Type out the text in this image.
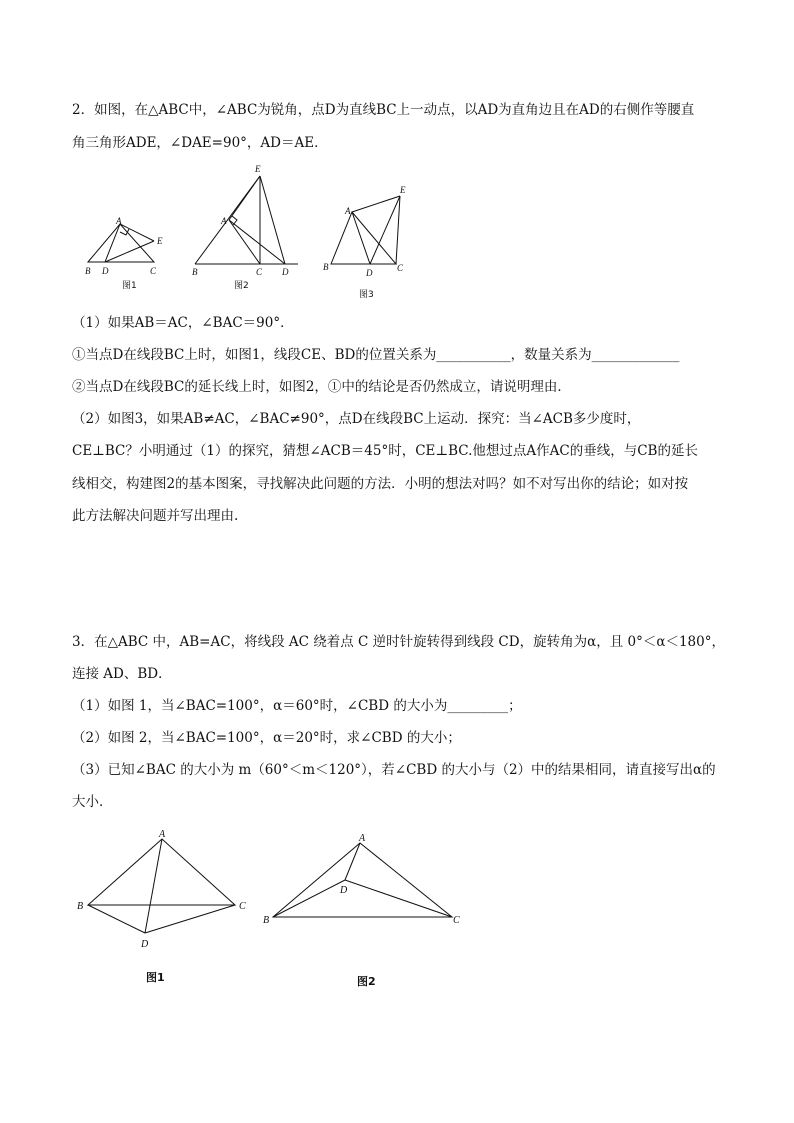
2．如图，在△ABC中，∠ABC为锐角，点D为直线BC上一动点，以AD为直角边且在AD的右侧作等腰直
角三角形ADE，∠DAE=90°，AD＝AE．
A
B D	C
E
图1
E
A
B	C D
图2
A
E
B
D	C
图3
（1）如果AB＝AC，∠BAC＝90°．
①当点D在线段BC上时，如图1，线段CE、BD的位置关系为___________，数量关系为_____________
②当点D在线段BC的延长线上时，如图2，①中的结论是否仍然成立，请说明理由．
（2）如图3，如果AB≠AC，∠BAC≠90°，点D在线段BC上运动．探究：当∠ACB多少度时，
CE⊥BC？小明通过（1）的探究，猜想∠ACB＝45°时，CE⊥BC.他想过点A作AC的垂线，与CB的延长
线相交，构建图2的基本图案，寻找解决此问题的方法．小明的想法对吗？如不对写出你的结论；如对按
此方法解决问题并写出理由.
3．在△ABC 中，AB=AC，将线段 AC 绕着点 C 逆时针旋转得到线段 CD，旋转角为α，且 0°＜α＜180°，
连接 AD、BD．
（1）如图 1，当∠BAC=100°，α＝60°时，∠CBD 的大小为_________；
（2）如图 2，当∠BAC=100°，α＝20°时，求∠CBD 的大小；
（3）已知∠BAC 的大小为 m（60°＜m＜120°），若∠CBD 的大小与（2）中的结果相同，请直接写出α的
大小．
A
B	C
D
图1
A
D
B	C
图2
